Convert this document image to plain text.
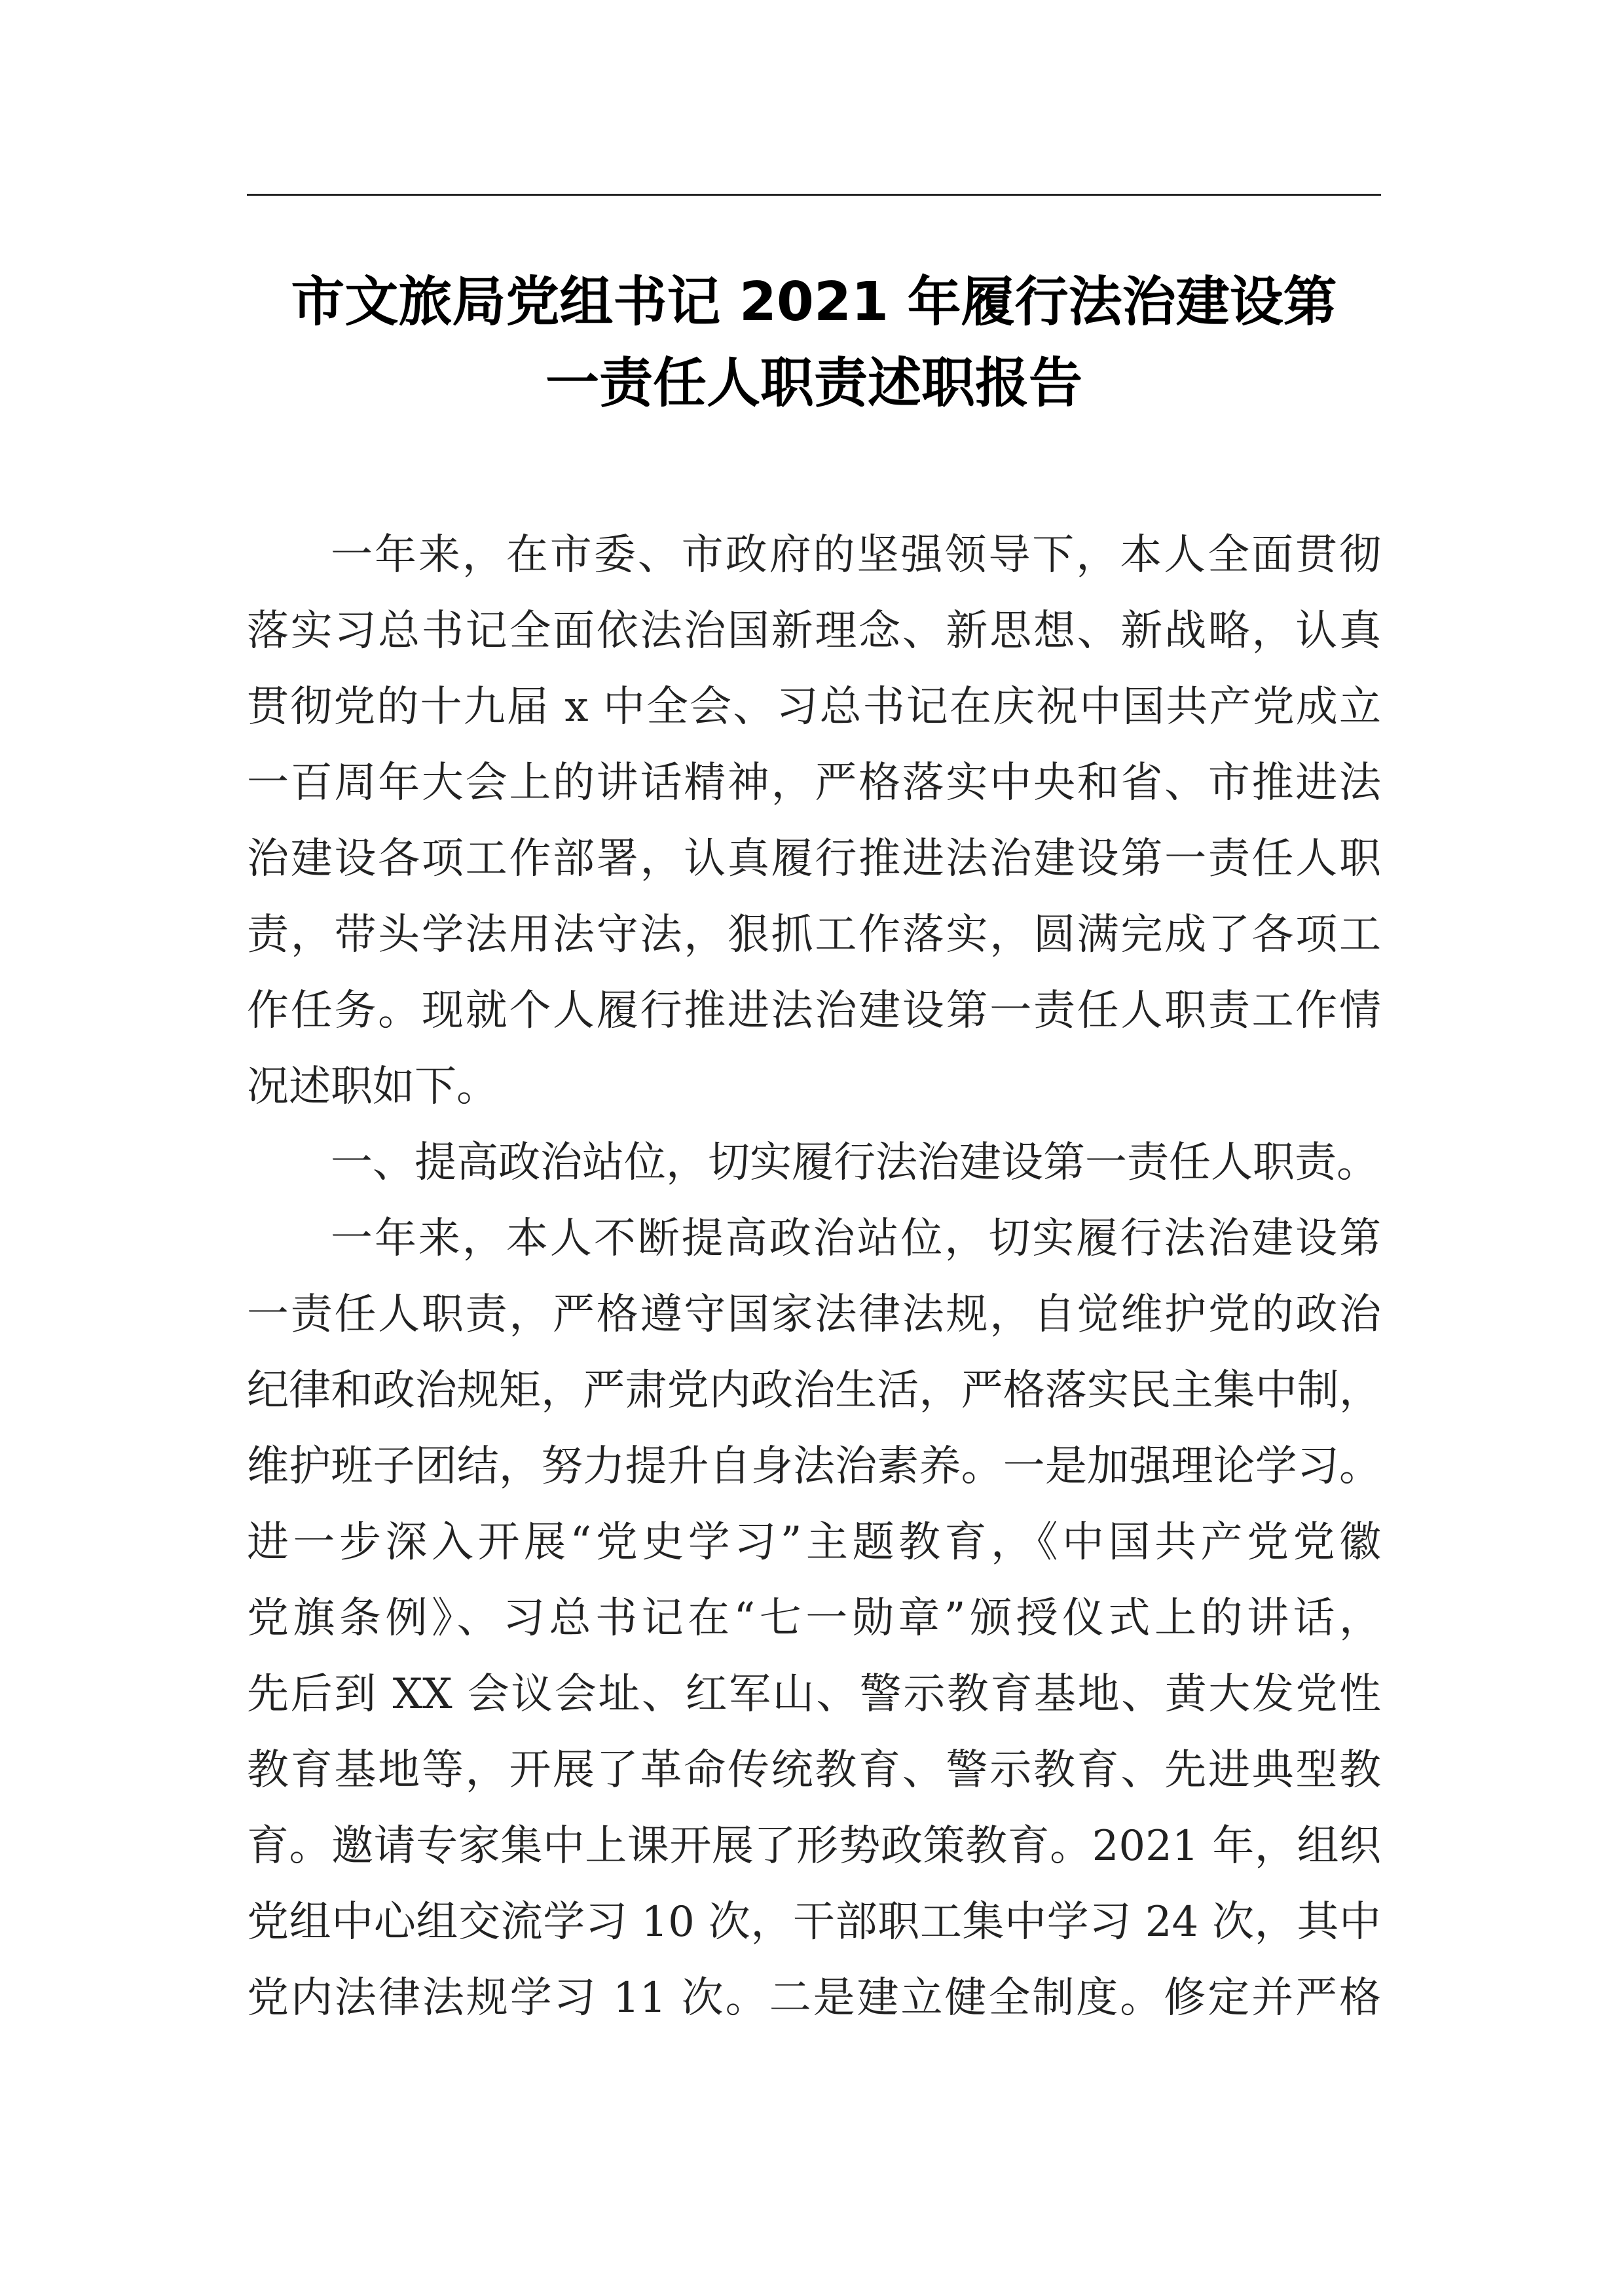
市文旅局党组书记 2021 年履行法治建设第
一责任人职责述职报告

一年来，在市委、市政府的坚强领导下，本人全面贯彻
落实习总书记全面依法治国新理念、新思想、新战略，认真
贯彻党的十九届 x 中全会、习总书记在庆祝中国共产党成立
一百周年大会上的讲话精神，严格落实中央和省、市推进法
治建设各项工作部署，认真履行推进法治建设第一责任人职
责，带头学法用法守法，狠抓工作落实，圆满完成了各项工
作任务。现就个人履行推进法治建设第一责任人职责工作情
况述职如下。

一、提高政治站位，切实履行法治建设第一责任人职责。

一年来，本人不断提高政治站位，切实履行法治建设第
一责任人职责，严格遵守国家法律法规，自觉维护党的政治
纪律和政治规矩，严肃党内政治生活，严格落实民主集中制，
维护班子团结，努力提升自身法治素养。一是加强理论学习。
进一步深入开展“党史学习”主题教育，《中国共产党党徽
党旗条例》、习总书记在“七一勋章”颁授仪式上的讲话，
先后到 XX 会议会址、红军山、警示教育基地、黄大发党性
教育基地等，开展了革命传统教育、警示教育、先进典型教
育。邀请专家集中上课开展了形势政策教育。2021 年，组织
党组中心组交流学习 10 次，干部职工集中学习 24 次，其中
党内法律法规学习 11 次。二是建立健全制度。修定并严格
